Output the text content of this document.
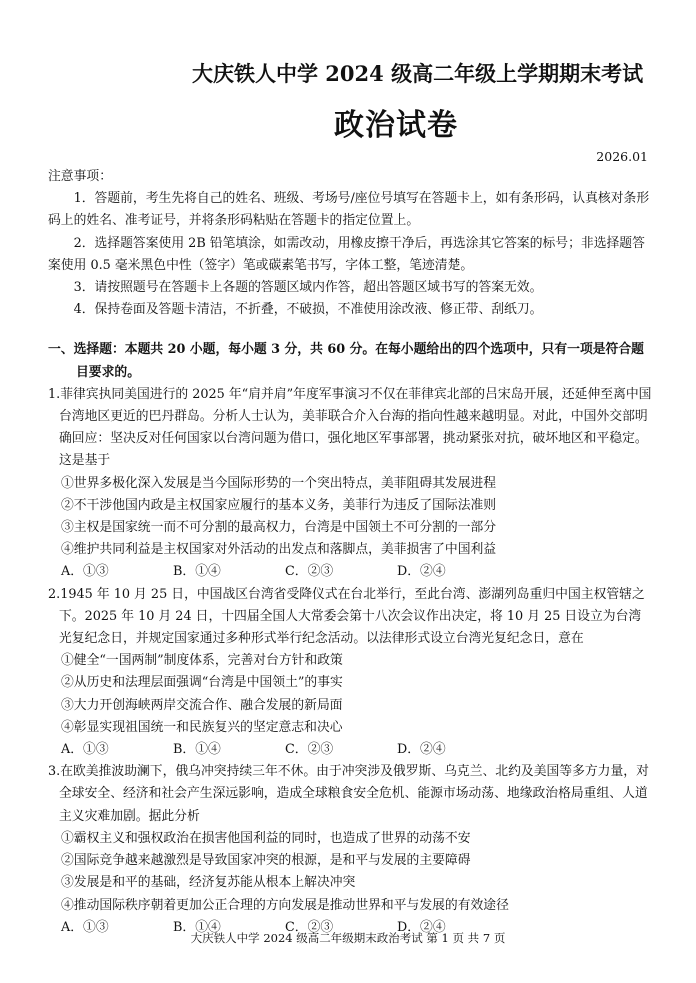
大庆铁人中学 2024 级高二年级上学期期末考试
政治试卷
2026.01

注意事项：

1．答题前，考生先将自己的姓名、班级、考场号/座位号填写在答题卡上，如有条形码，认真核对条形码上的姓名、准考证号，并将条形码粘贴在答题卡的指定位置上。

2．选择题答案使用 2B 铅笔填涂，如需改动，用橡皮擦干净后，再选涂其它答案的标号；非选择题答案使用 0.5 毫米黑色中性（签字）笔或碳素笔书写，字体工整，笔迹清楚。

3．请按照题号在答题卡上各题的答题区域内作答，超出答题区域书写的答案无效。

4．保持卷面及答题卡清洁，不折叠，不破损，不准使用涂改液、修正带、刮纸刀。

一、选择题：本题共 20 小题，每小题 3 分，共 60 分。在每小题给出的四个选项中，只有一项是符合题目要求的。

1.菲律宾执同美国进行的 2025 年“肩并肩”年度军事演习不仅在菲律宾北部的吕宋岛开展，还延伸至离中国台湾地区更近的巴丹群岛。分析人士认为，美菲联合介入台海的指向性越来越明显。对此，中国外交部明确回应：坚决反对任何国家以台湾问题为借口，强化地区军事部署，挑动紧张对抗，破坏地区和平稳定。这是基于

①世界多极化深入发展是当今国际形势的一个突出特点，美菲阻碍其发展进程

②不干涉他国内政是主权国家应履行的基本义务，美菲行为违反了国际法准则

③主权是国家统一而不可分割的最高权力，台湾是中国领土不可分割的一部分

④维护共同利益是主权国家对外活动的出发点和落脚点，美菲损害了中国利益

A．①③	B．①④	C．②③	D．②④

2.1945 年 10 月 25 日，中国战区台湾省受降仪式在台北举行，至此台湾、澎湖列岛重归中国主权管辖之下。2025 年 10 月 24 日，十四届全国人大常委会第十八次会议作出决定，将 10 月 25 日设立为台湾光复纪念日，并规定国家通过多种形式举行纪念活动。以法律形式设立台湾光复纪念日，意在

①健全“一国两制”制度体系，完善对台方针和政策

②从历史和法理层面强调“台湾是中国领土”的事实

③大力开创海峡两岸交流合作、融合发展的新局面

④彰显实现祖国统一和民族复兴的坚定意志和决心

A．①③	B．①④	C．②③	D．②④

3.在欧美推波助澜下，俄乌冲突持续三年不休。由于冲突涉及俄罗斯、乌克兰、北约及美国等多方力量，对全球安全、经济和社会产生深远影响，造成全球粮食安全危机、能源市场动荡、地缘政治格局重组、人道主义灾难加剧。据此分析

①霸权主义和强权政治在损害他国利益的同时，也造成了世界的动荡不安

②国际竞争越来越激烈是导致国家冲突的根源，是和平与发展的主要障碍

③发展是和平的基础，经济复苏能从根本上解决冲突

④推动国际秩序朝着更加公正合理的方向发展是推动世界和平与发展的有效途径

A．①③	B．①④	C．②③	D．②④
大庆铁人中学 2024 级高二年级期末政治考试 第 1 页 共 7 页
